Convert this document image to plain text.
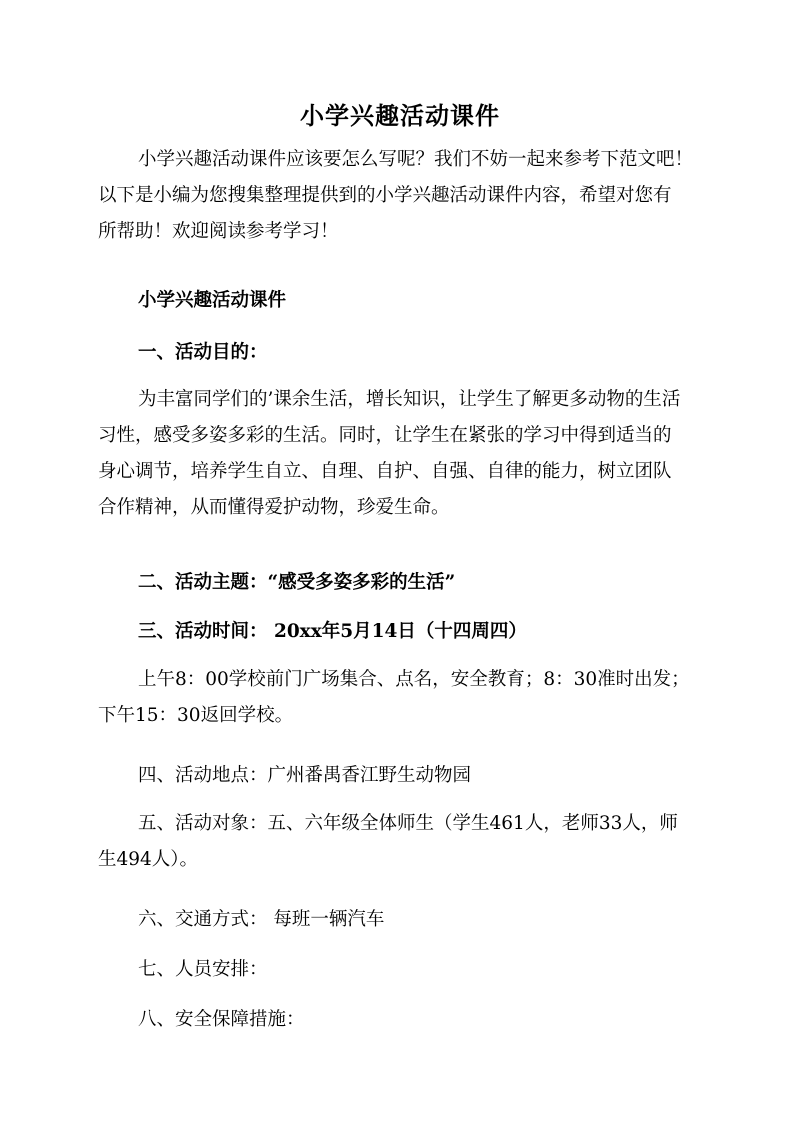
小学兴趣活动课件
小学兴趣活动课件应该要怎么写呢？我们不妨一起来参考下范文吧！
以下是小编为您搜集整理提供到的小学兴趣活动课件内容，希望对您有
所帮助！欢迎阅读参考学习！
小学兴趣活动课件
一、活动目的：
为丰富同学们的’课余生活，增长知识，让学生了解更多动物的生活
习性，感受多姿多彩的生活。同时，让学生在紧张的学习中得到适当的
身心调节，培养学生自立、自理、自护、自强、自律的能力，树立团队
合作精神，从而懂得爱护动物，珍爱生命。
二、活动主题：“感受多姿多彩的生活”
三、活动时间： 20xx年5月14日（十四周四）
上午8：00学校前门广场集合、点名，安全教育；8：30准时出发；
下午15：30返回学校。
四、活动地点：广州番禺香江野生动物园
五、活动对象：五、六年级全体师生（学生461人，老师33人，师
生494人）。
六、交通方式： 每班一辆汽车
七、人员安排：
八、安全保障措施：
